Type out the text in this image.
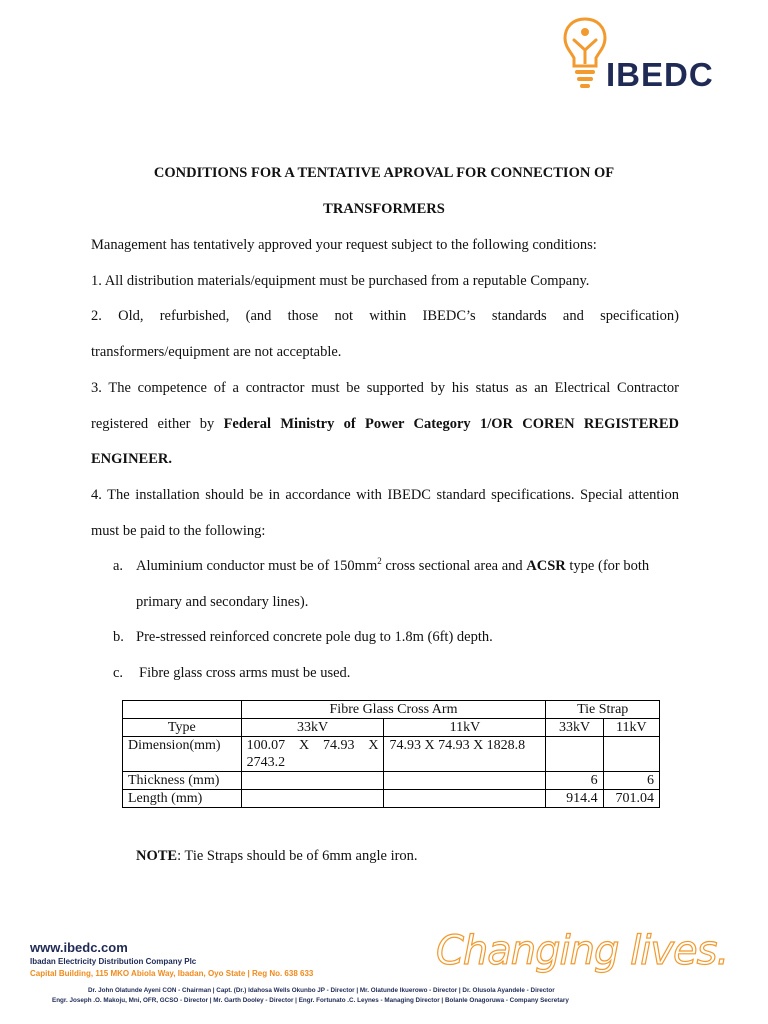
IBEDC
CONDITIONS FOR A TENTATIVE APROVAL FOR CONNECTION OF
TRANSFORMERS
Management has tentatively approved your request subject to the following conditions:
1. All distribution materials/equipment must be purchased from a reputable Company.
2. Old, refurbished, (and those not within IBEDC’s standards and specification)
transformers/equipment are not acceptable.
3. The competence of a contractor must be supported by his status as an Electrical Contractor
registered either by Federal Ministry of Power Category 1/OR COREN REGISTERED
ENGINEER.
4. The installation should be in accordance with IBEDC standard specifications. Special attention
must be paid to the following:
a. Aluminium conductor must be of $150mm^2$ cross sectional area and ACSR type (for both
primary and secondary lines).
b. Pre-stressed reinforced concrete pole dug to 1.8m (6ft) depth.
c. Fibre glass cross arms must be used.
	Fibre Glass Cross Arm		Tie Strap	
Type	33kV	11kV	33kV	11kV
Dimension(mm)	100.07 X 74.93 X 2743.2	74.93 X 74.93 X 1828.8		
Thickness (mm)			6	6
Length (mm)			914.4	701.04
NOTE: Tie Straps should be of 6mm angle iron.
www.ibedc.com
Ibadan Electricity Distribution Company Plc
Capital Building, 115 MKO Abiola Way, Ibadan, Oyo State | Reg No. 638 633	Changing lives.
Dr. John Olatunde Ayeni CON - Chairman | Capt. (Dr.) Idahosa Wells Okunbo JP - Director | Mr. Olatunde Ikuerowo - Director | Dr. Olusola Ayandele - Director
Engr. Joseph .O. Makoju, Mni, OFR, GCSO - Director | Mr. Garth Dooley - Director | Engr. Fortunato .C. Leynes - Managing Director | Bolanle Onagoruwa - Company Secretary
